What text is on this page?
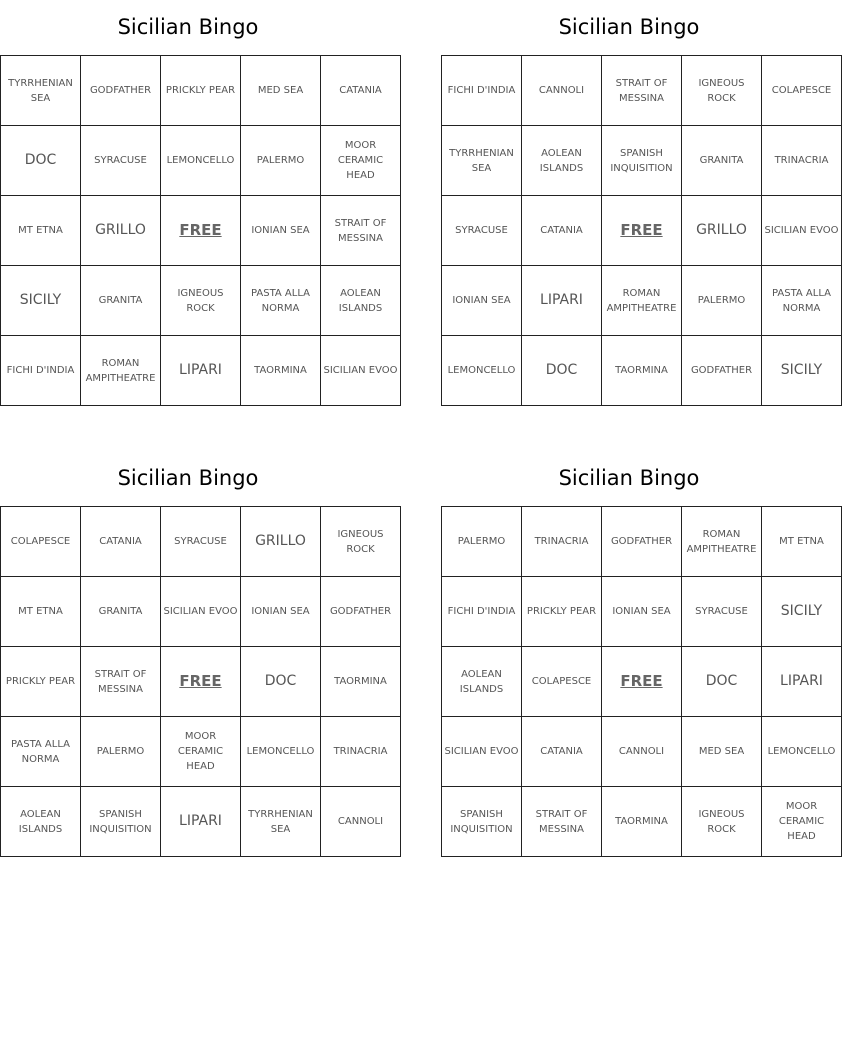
Sicilian Bingo
TYRRHENIAN SEA	GODFATHER	PRICKLY PEAR	MED SEA	CATANIA
DOC	SYRACUSE	LEMONCELLO	PALERMO	MOOR CERAMIC HEAD
MT ETNA	GRILLO	FREE	IONIAN SEA	STRAIT OF MESSINA
SICILY	GRANITA	IGNEOUS ROCK	PASTA ALLA NORMA	AOLEAN ISLANDS
FICHI D'INDIA	ROMAN AMPITHEATRE	LIPARI	TAORMINA	SICILIAN EVOO
Sicilian Bingo
FICHI D'INDIA	CANNOLI	STRAIT OF MESSINA	IGNEOUS ROCK	COLAPESCE
TYRRHENIAN SEA	AOLEAN ISLANDS	SPANISH INQUISITION	GRANITA	TRINACRIA
SYRACUSE	CATANIA	FREE	GRILLO	SICILIAN EVOO
IONIAN SEA	LIPARI	ROMAN AMPITHEATRE	PALERMO	PASTA ALLA NORMA
LEMONCELLO	DOC	TAORMINA	GODFATHER	SICILY
Sicilian Bingo
COLAPESCE	CATANIA	SYRACUSE	GRILLO	IGNEOUS ROCK
MT ETNA	GRANITA	SICILIAN EVOO	IONIAN SEA	GODFATHER
PRICKLY PEAR	STRAIT OF MESSINA	FREE	DOC	TAORMINA
PASTA ALLA NORMA	PALERMO	MOOR CERAMIC HEAD	LEMONCELLO	TRINACRIA
AOLEAN ISLANDS	SPANISH INQUISITION	LIPARI	TYRRHENIAN SEA	CANNOLI
Sicilian Bingo
PALERMO	TRINACRIA	GODFATHER	ROMAN AMPITHEATRE	MT ETNA
FICHI D'INDIA	PRICKLY PEAR	IONIAN SEA	SYRACUSE	SICILY
AOLEAN ISLANDS	COLAPESCE	FREE	DOC	LIPARI
SICILIAN EVOO	CATANIA	CANNOLI	MED SEA	LEMONCELLO
SPANISH INQUISITION	STRAIT OF MESSINA	TAORMINA	IGNEOUS ROCK	MOOR CERAMIC HEAD
